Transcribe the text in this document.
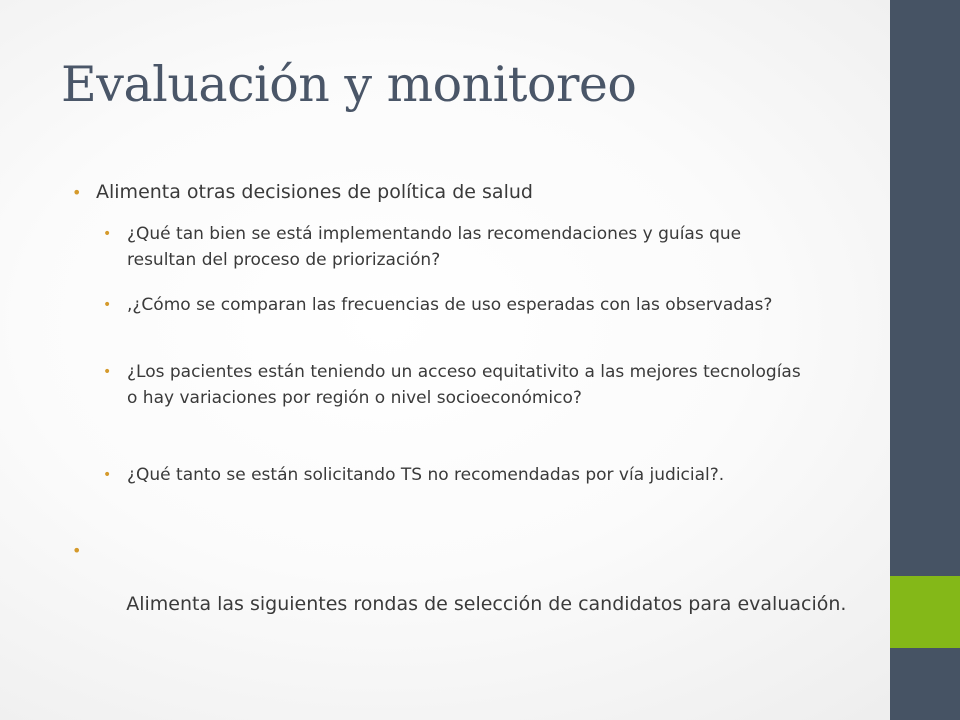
Evaluación y monitoreo
• Alimenta otras decisiones de política de salud
• ¿Qué tan bien se está implementando las recomendaciones y guías que resultan del proceso de priorización?
• ,¿Cómo se comparan las frecuencias de uso esperadas con las observadas?
• ¿Los pacientes están teniendo un acceso equitativito a las mejores tecnologías o hay variaciones por región o nivel socioeconómico?
• ¿Qué tanto se están solicitando TS no recomendadas por vía judicial?.

•

Alimenta las siguientes rondas de selección de candidatos para evaluación.
